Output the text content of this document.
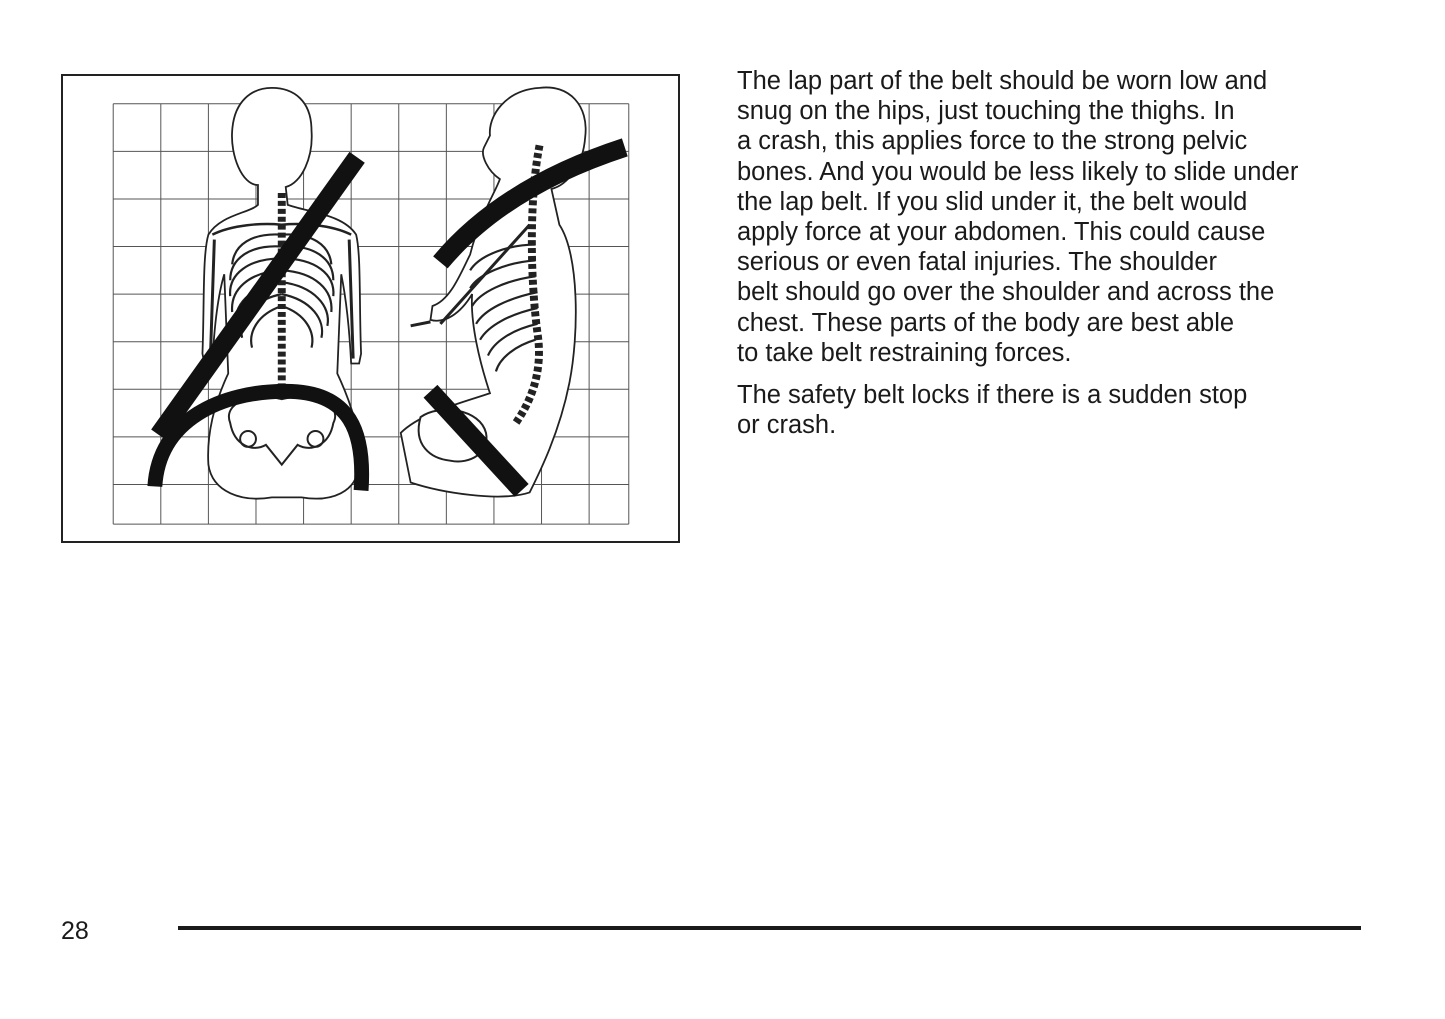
The lap part of the belt should be worn low and
snug on the hips, just touching the thighs. In
a crash, this applies force to the strong pelvic
bones. And you would be less likely to slide under
the lap belt. If you slid under it, the belt would
apply force at your abdomen. This could cause
serious or even fatal injuries. The shoulder
belt should go over the shoulder and across the
chest. These parts of the body are best able
to take belt restraining forces.

The safety belt locks if there is a sudden stop
or crash.

28
